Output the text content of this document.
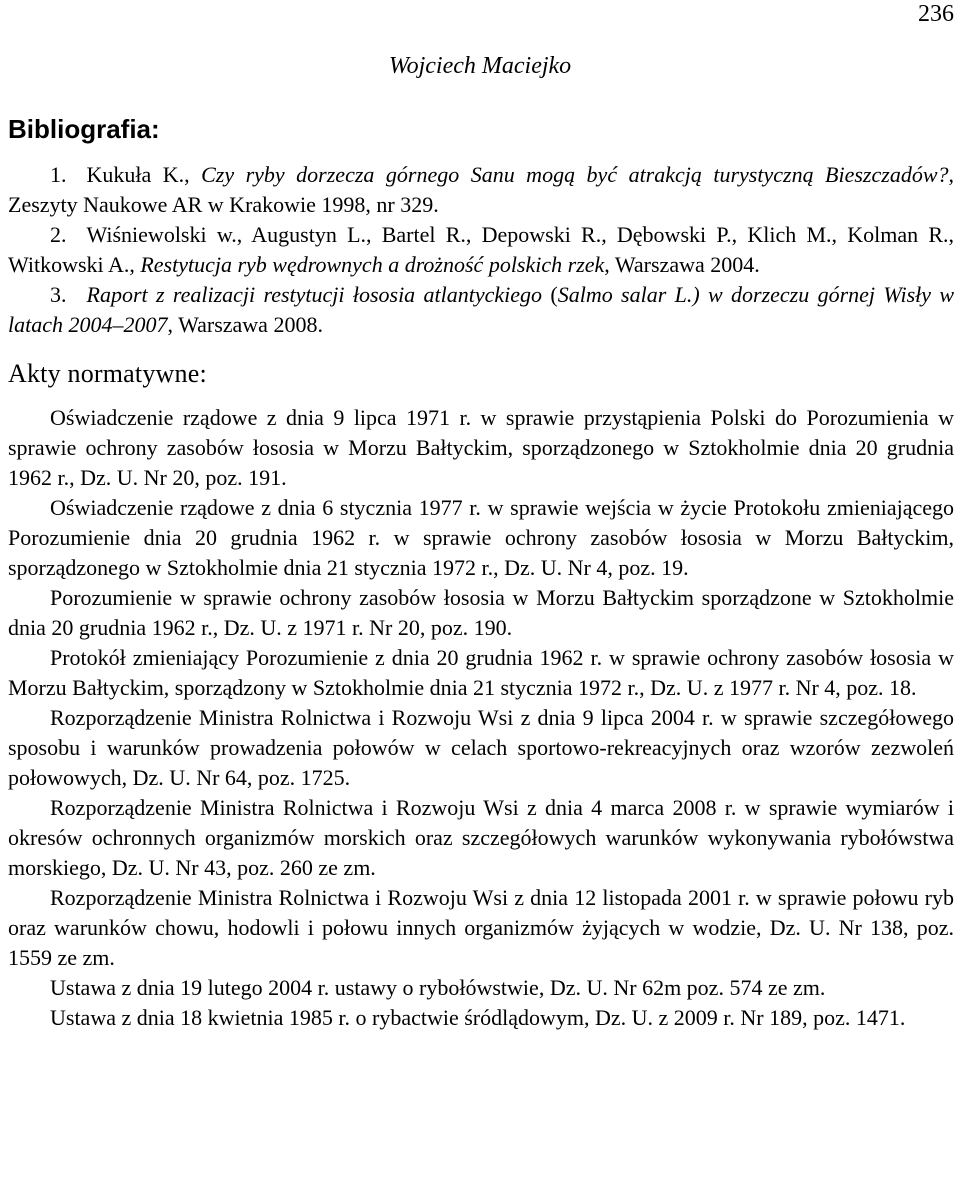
236
Wojciech Maciejko
Bibliografia:

1. Kukuła K., Czy ryby dorzecza górnego Sanu mogą być atrakcją turystyczną Bieszczadów?, Zeszyty Naukowe AR w Krakowie 1998, nr 329.

2. Wiśniewolski w., Augustyn L., Bartel R., Depowski R., Dębowski P., Klich M., Kolman R., Witkowski A., Restytucja ryb wędrownych a drożność polskich rzek, Warszawa 2004.

3. Raport z realizacji restytucji łososia atlantyckiego (Salmo salar L.) w dorzeczu górnej Wisły w latach 2004–2007, Warszawa 2008.

Akty normatywne:

Oświadczenie rządowe z dnia 9 lipca 1971 r. w sprawie przystąpienia Polski do Porozumienia w sprawie ochrony zasobów łososia w Morzu Bałtyckim, sporządzonego w Sztokholmie dnia 20 grudnia 1962 r., Dz. U. Nr 20, poz. 191.

Oświadczenie rządowe z dnia 6 stycznia 1977 r. w sprawie wejścia w życie Protokołu zmieniającego Porozumienie dnia 20 grudnia 1962 r. w sprawie ochrony zasobów łososia w Morzu Bałtyckim, sporządzonego w Sztokholmie dnia 21 stycznia 1972 r., Dz. U. Nr 4, poz. 19.

Porozumienie w sprawie ochrony zasobów łososia w Morzu Bałtyckim sporządzone w Sztokholmie dnia 20 grudnia 1962 r., Dz. U. z 1971 r. Nr 20, poz. 190.

Protokół zmieniający Porozumienie z dnia 20 grudnia 1962 r. w sprawie ochrony zasobów łososia w Morzu Bałtyckim, sporządzony w Sztokholmie dnia 21 stycznia 1972 r., Dz. U. z 1977 r. Nr 4, poz. 18.

Rozporządzenie Ministra Rolnictwa i Rozwoju Wsi z dnia 9 lipca 2004 r. w sprawie szczegółowego sposobu i warunków prowadzenia połowów w celach sportowo-rekreacyjnych oraz wzorów zezwoleń połowowych, Dz. U. Nr 64, poz. 1725.

Rozporządzenie Ministra Rolnictwa i Rozwoju Wsi z dnia 4 marca 2008 r. w sprawie wymiarów i okresów ochronnych organizmów morskich oraz szczegółowych warunków wykonywania rybołówstwa morskiego, Dz. U. Nr 43, poz. 260 ze zm.

Rozporządzenie Ministra Rolnictwa i Rozwoju Wsi z dnia 12 listopada 2001 r. w sprawie połowu ryb oraz warunków chowu, hodowli i połowu innych organizmów żyjących w wodzie, Dz. U. Nr 138, poz. 1559 ze zm.

Ustawa z dnia 19 lutego 2004 r. ustawy o rybołówstwie, Dz. U. Nr 62m poz. 574 ze zm.

Ustawa z dnia 18 kwietnia 1985 r. o rybactwie śródlądowym, Dz. U. z 2009 r. Nr 189, poz. 1471.
